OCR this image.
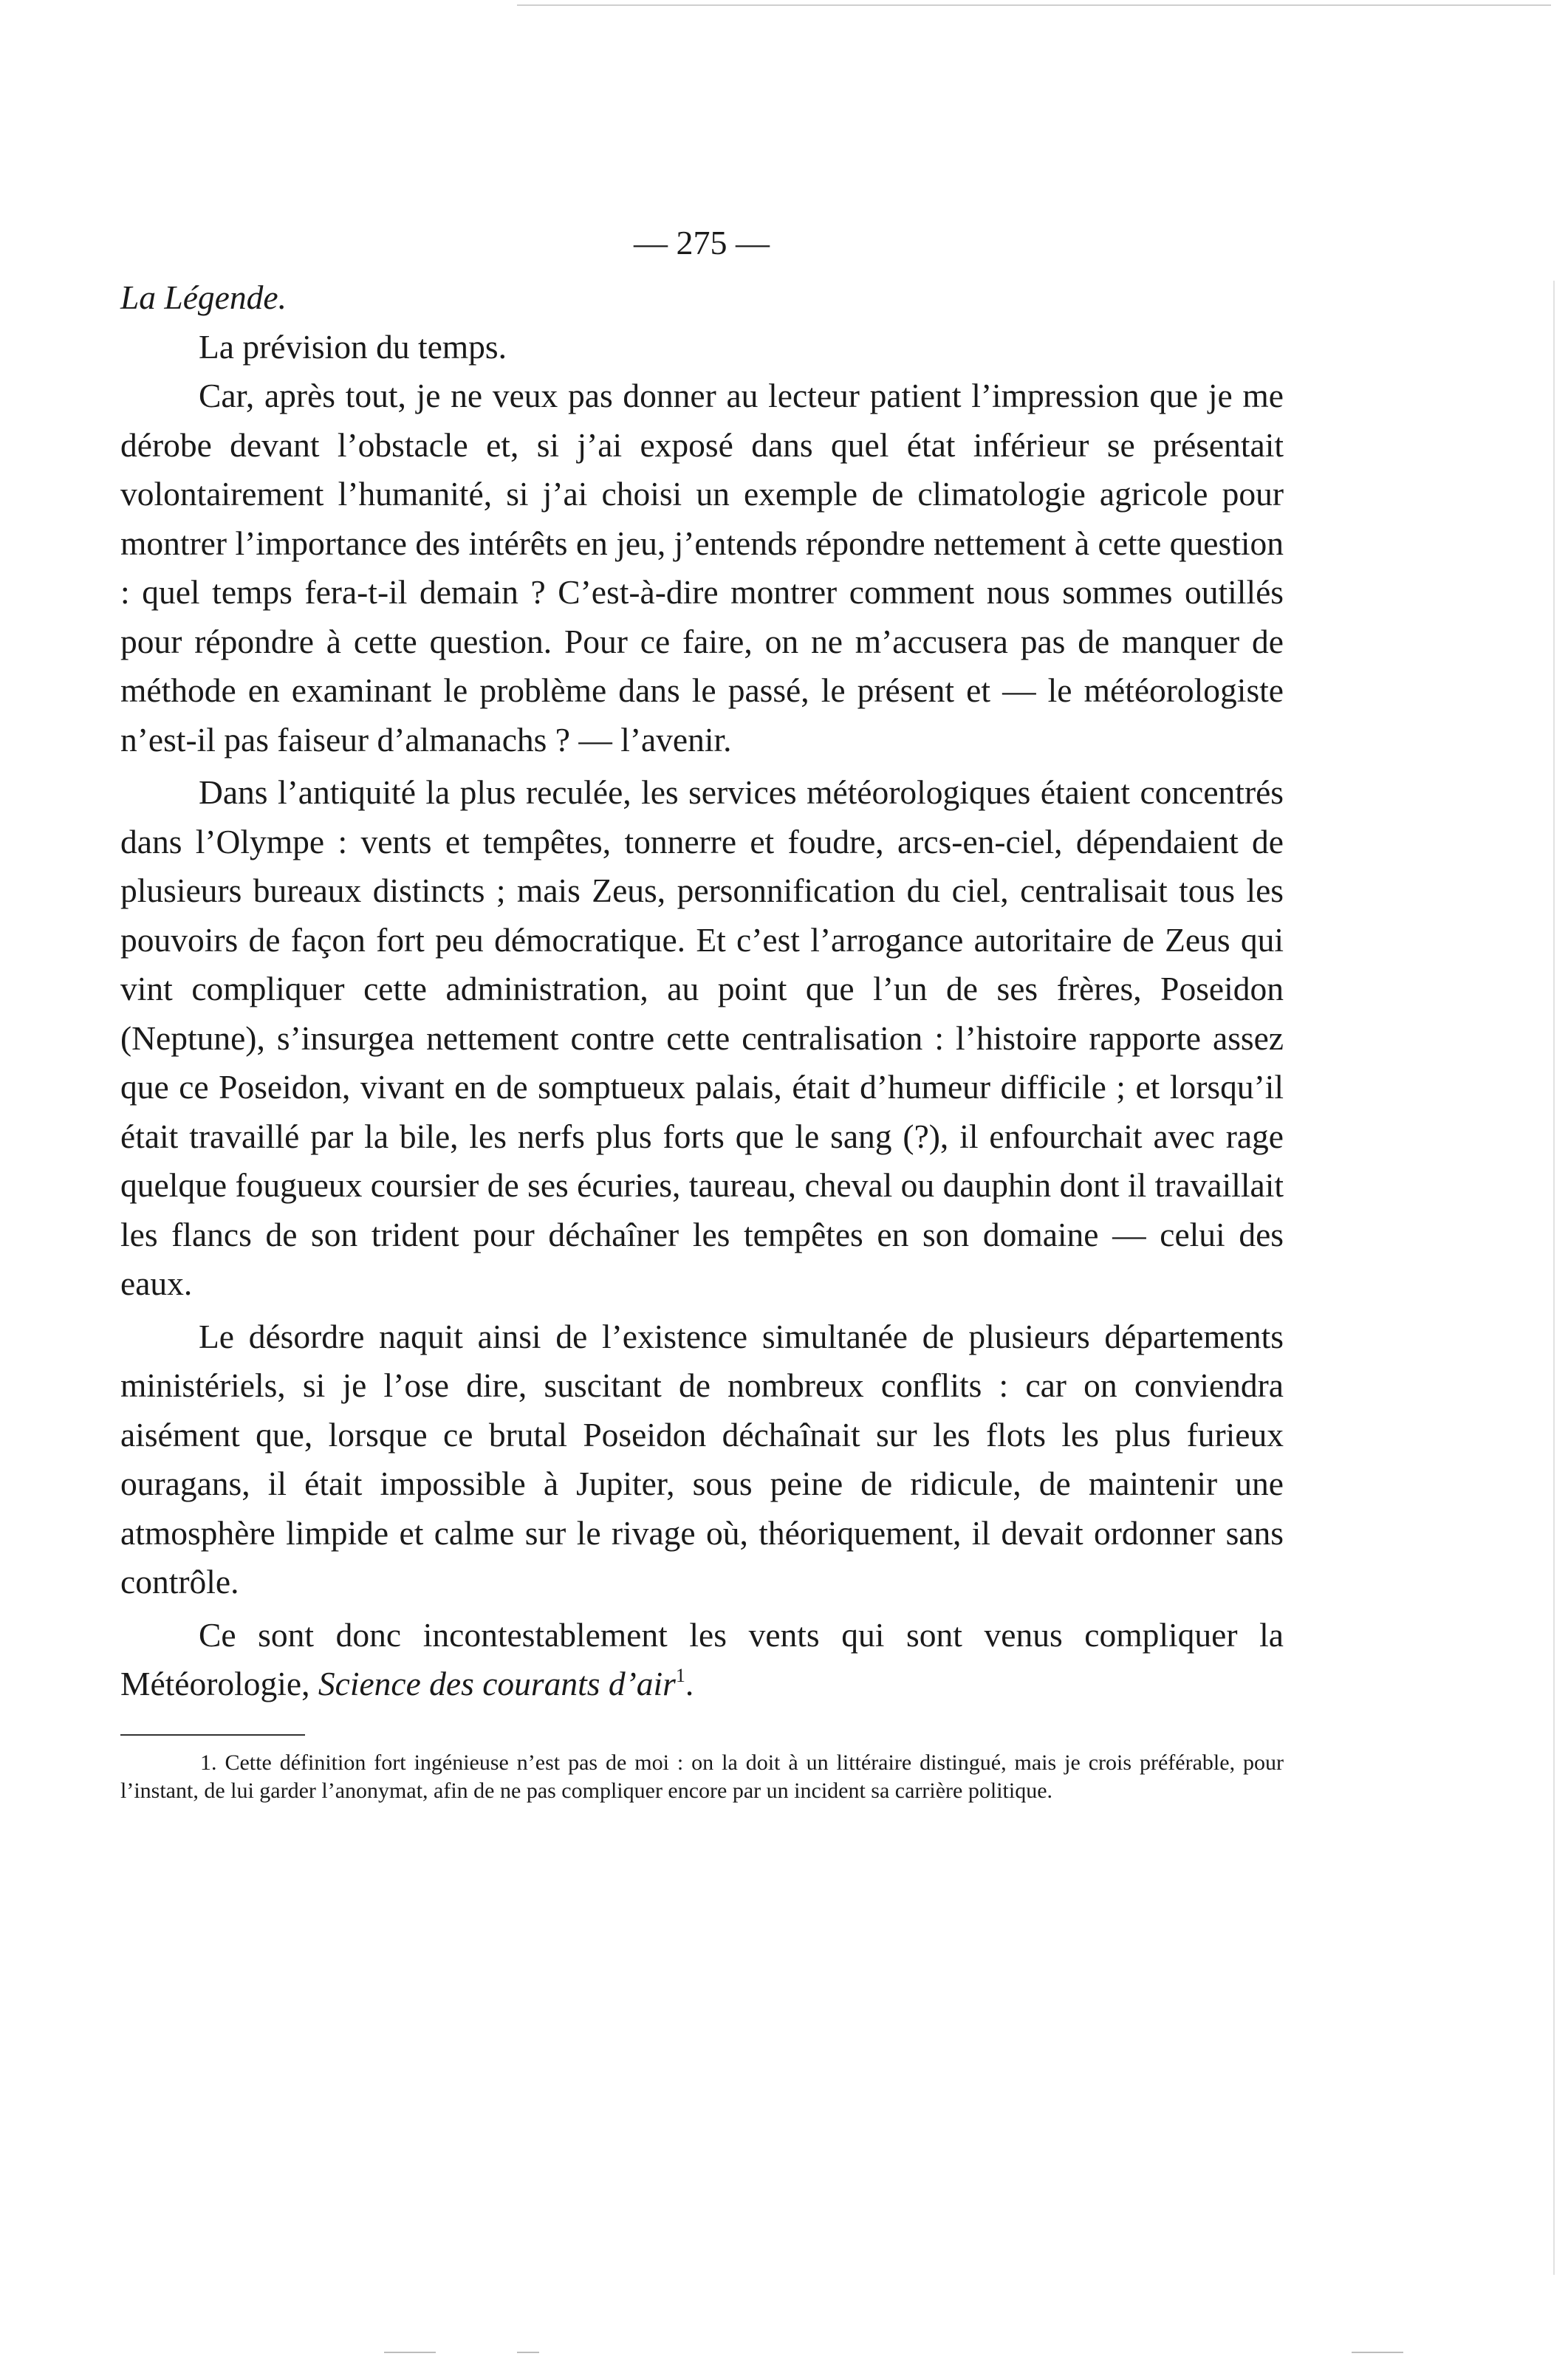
— 275 —

La Légende.

La prévision du temps.

Car, après tout, je ne veux pas donner au lecteur patient l’impression que je me dérobe devant l’obstacle et, si j’ai exposé dans quel état inférieur se présentait volontairement l’humanité, si j’ai choisi un exemple de climatologie agricole pour montrer l’importance des intérêts en jeu, j’entends répondre nettement à cette question : quel temps fera-t-il demain ? C’est-à-dire montrer comment nous sommes outillés pour répondre à cette question. Pour ce faire, on ne m’accusera pas de manquer de méthode en examinant le problème dans le passé, le présent et — le météorologiste n’est-il pas faiseur d’almanachs ? — l’avenir.

Dans l’antiquité la plus reculée, les services météorologiques étaient concentrés dans l’Olympe : vents et tempêtes, tonnerre et foudre, arcs-en-ciel, dépendaient de plusieurs bureaux distincts ; mais Zeus, personnification du ciel, centralisait tous les pouvoirs de façon fort peu démocratique. Et c’est l’arrogance autoritaire de Zeus qui vint compliquer cette administration, au point que l’un de ses frères, Poseidon (Neptune), s’insurgea nettement contre cette centralisation : l’histoire rapporte assez que ce Poseidon, vivant en de somptueux palais, était d’humeur difficile ; et lorsqu’il était travaillé par la bile, les nerfs plus forts que le sang (?), il enfourchait avec rage quelque fougueux coursier de ses écuries, taureau, cheval ou dauphin dont il travaillait les flancs de son trident pour déchaîner les tempêtes en son domaine — celui des eaux.

Le désordre naquit ainsi de l’existence simultanée de plusieurs départements ministériels, si je l’ose dire, suscitant de nombreux conflits : car on conviendra aisément que, lorsque ce brutal Poseidon déchaînait sur les flots les plus furieux ouragans, il était impossible à Jupiter, sous peine de ridicule, de maintenir une atmosphère limpide et calme sur le rivage où, théoriquement, il devait ordonner sans contrôle.

Ce sont donc incontestablement les vents qui sont venus compliquer la Météorologie, Science des courants d’air$^1$.

1. Cette définition fort ingénieuse n’est pas de moi : on la doit à un littéraire distingué, mais je crois préférable, pour l’instant, de lui garder l’anonymat, afin de ne pas compliquer encore par un incident sa carrière politique.
